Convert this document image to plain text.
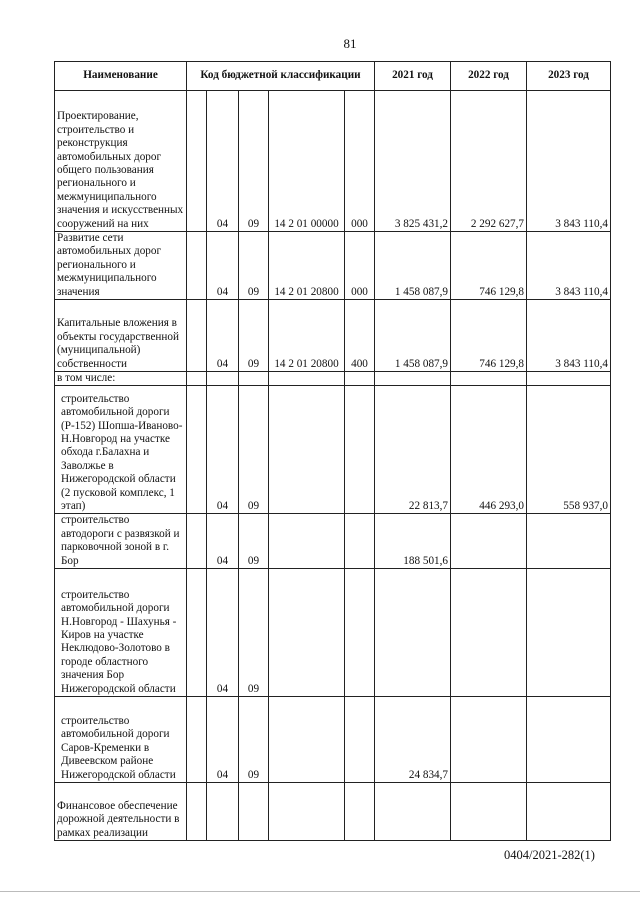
81
Наименование	Код бюджетной классификации					2021 год	2022 год	2023 год

Проектирование, строительство и реконструкция автомобильных дорог общего пользования регионального и межмуниципального значения и искусственных сооружений на них		04	09	14 2 01 00000	000	3 825 431,2	2 292 627,7	3 843 110,4

Развитие сети автомобильных дорог регионального и межмуниципального значения		04	09	14 2 01 20800	000	1 458 087,9	746 129,8	3 843 110,4

Капитальные вложения в объекты государственной (муниципальной) собственности		04	09	14 2 01 20800	400	1 458 087,9	746 129,8	3 843 110,4

в том числе:								

строительство автомобильной дороги (Р-152) Шопша-Иваново-Н.Новгород на участке обхода г.Балахна и Заволжье в Нижегородской области (2 пусковой комплекс, 1 этап)		04	09			22 813,7	446 293,0	558 937,0

строительство автодороги с развязкой и парковочной зоной в г. Бор		04	09			188 501,6		

строительство автомобильной дороги Н.Новгород - Шахунья - Киров на участке Неклюдово-Золотово в городе областного значения Бор Нижегородской области		04	09					

строительство автомобильной дороги Саров-Кременки в Дивеевском районе Нижегородской области		04	09			24 834,7		

Финансовое обеспечение дорожной деятельности в рамках реализации								

0404/2021-282(1)
